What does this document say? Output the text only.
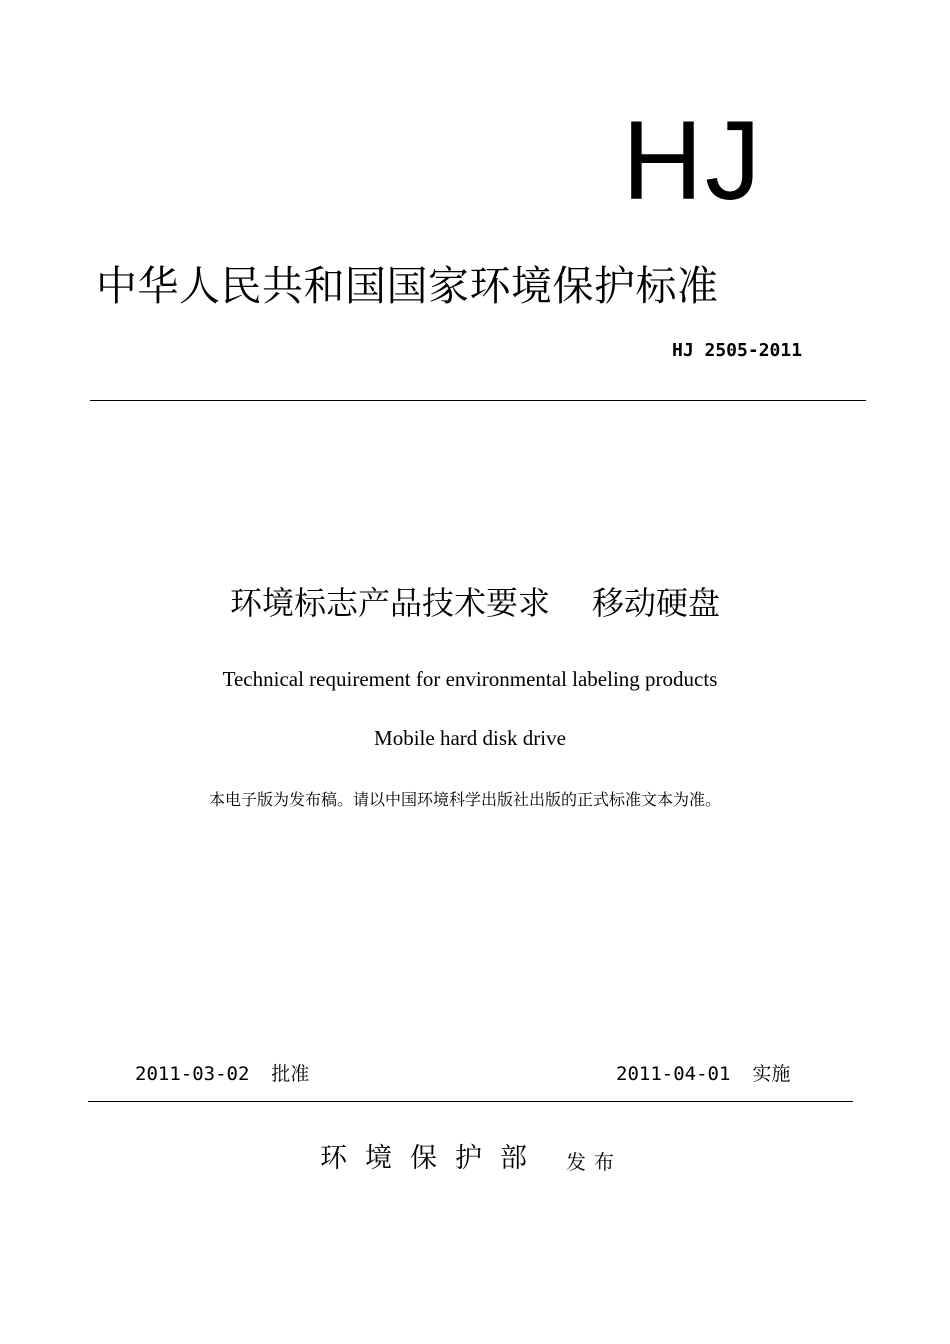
HJ
中华人民共和国国家环境保护标准
HJ 2505-2011
环境标志产品技术要求 移动硬盘
Technical requirement for environmental labeling products
Mobile hard disk drive
本电子版为发布稿。请以中国环境科学出版社出版的正式标准文本为准。
2011-03-02 批准	2011-04-01 实施
环境保护部 发布
